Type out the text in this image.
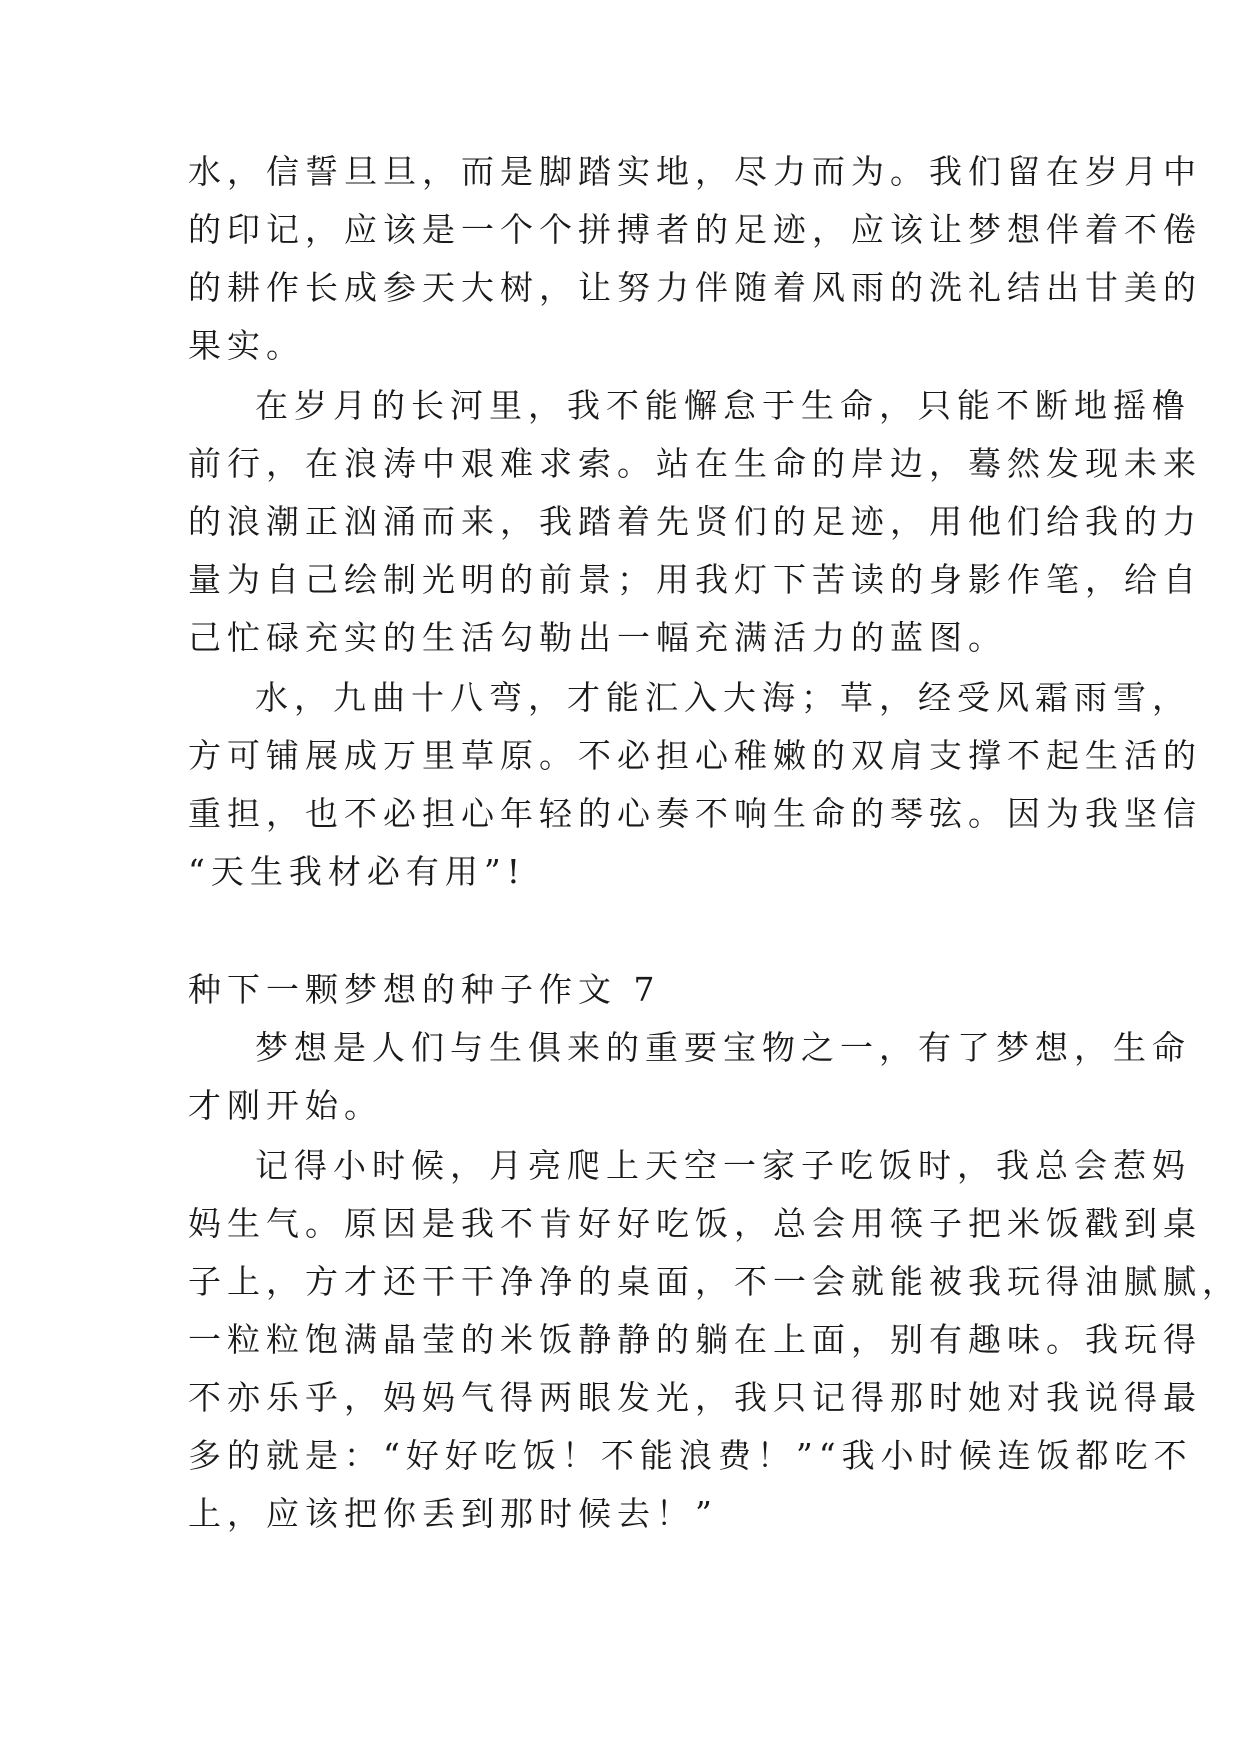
水，信誓旦旦，而是脚踏实地，尽力而为。我们留在岁月中

的印记，应该是一个个拼搏者的足迹，应该让梦想伴着不倦

的耕作长成参天大树，让努力伴随着风雨的洗礼结出甘美的

果实。

在岁月的长河里，我不能懈怠于生命，只能不断地摇橹

前行，在浪涛中艰难求索。站在生命的岸边，蓦然发现未来

的浪潮正汹涌而来，我踏着先贤们的足迹，用他们给我的力

量为自己绘制光明的前景；用我灯下苦读的身影作笔，给自

己忙碌充实的生活勾勒出一幅充满活力的蓝图。

水，九曲十八弯，才能汇入大海；草，经受风霜雨雪，

方可铺展成万里草原。不必担心稚嫩的双肩支撑不起生活的

重担，也不必担心年轻的心奏不响生命的琴弦。因为我坚信

“天生我材必有用”!

种下一颗梦想的种子作文 7

梦想是人们与生俱来的重要宝物之一，有了梦想，生命

才刚开始。

记得小时候，月亮爬上天空一家子吃饭时，我总会惹妈

妈生气。原因是我不肯好好吃饭，总会用筷子把米饭戳到桌

子上，方才还干干净净的桌面，不一会就能被我玩得油腻腻，

一粒粒饱满晶莹的米饭静静的躺在上面，别有趣味。我玩得

不亦乐乎，妈妈气得两眼发光，我只记得那时她对我说得最

多的就是：“好好吃饭！不能浪费！”“我小时候连饭都吃不

上，应该把你丢到那时候去！”
